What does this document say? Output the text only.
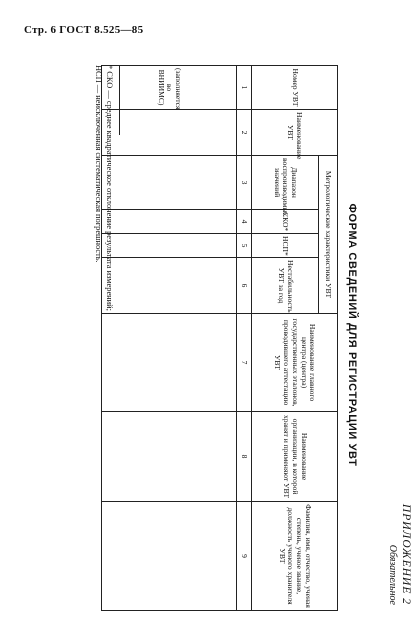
Стр. 6 ГОСТ 8.525—85
ПРИЛОЖЕНИЕ 2
Обязательное
ФОРМА СВЕДЕНИЙ ДЛЯ РЕГИСТРАЦИИ УВТ
Номер УВТ	Наименование УВТ	Метрологические характеристики УВТ				Наименование главного центра (центра) государственных эталонов, проводившего аттестацию УВТ	Наименование организации, в которой хранят и применяют УВТ	Фамилия, имя, отчество, ученая степень, ученое звание, должность ученого хранителя УВТ
		Диапазон воспроизводимых значений	СКО*	НСП*	Нестабильность УВТ за год			
1	2	3	4	5	6	7	8	9
(заполняется во ВНИИМС)								
* СКО — среднее квадратическое отклонение результата измерений;
НСП — неисключенная систематическая погрешность.
